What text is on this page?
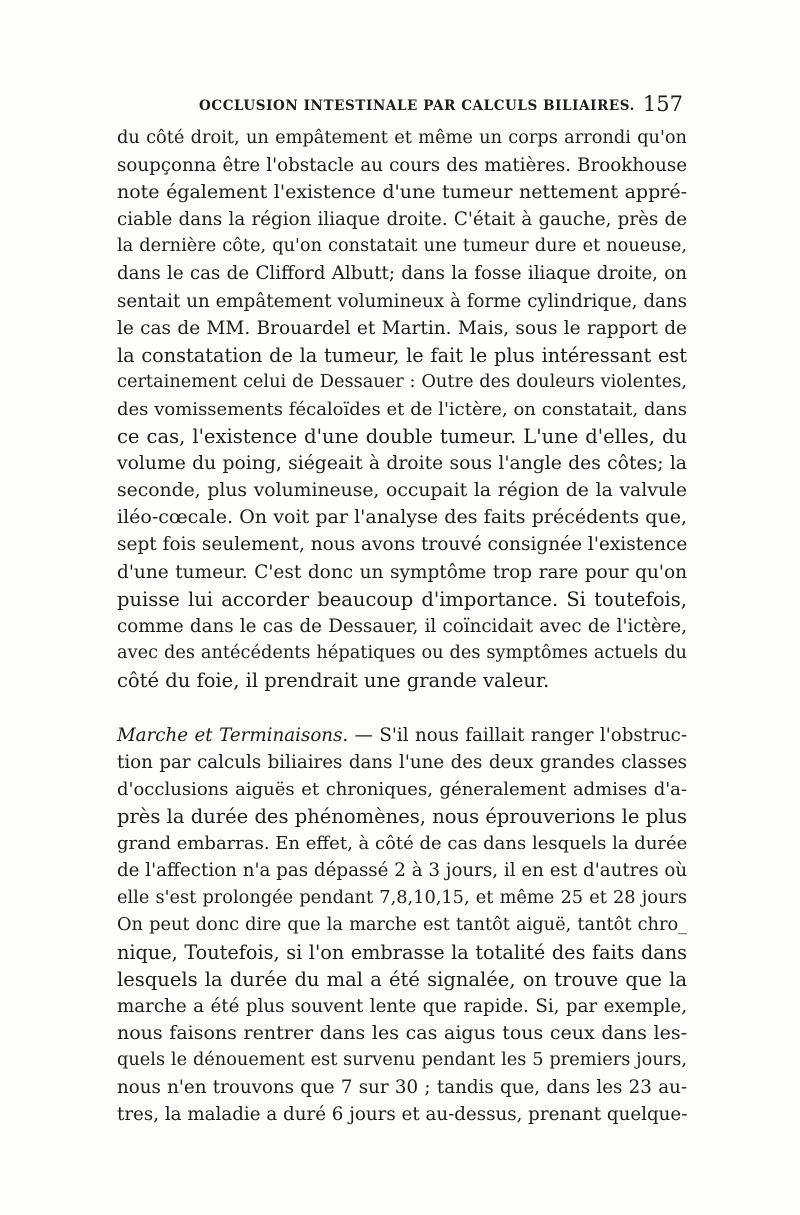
OCCLUSION INTESTINALE PAR CALCULS BILIAIRES. 157
du côté droit, un empâtement et même un corps arrondi qu'on
soupçonna être l'obstacle au cours des matières. Brookhouse
note également l'existence d'une tumeur nettement appré-
ciable dans la région iliaque droite. C'était à gauche, près de
la dernière côte, qu'on constatait une tumeur dure et noueuse,
dans le cas de Clifford Albutt; dans la fosse iliaque droite, on
sentait un empâtement volumineux à forme cylindrique, dans
le cas de MM. Brouardel et Martin. Mais, sous le rapport de
la constatation de la tumeur, le fait le plus intéressant est
certainement celui de Dessauer : Outre des douleurs violentes,
des vomissements fécaloïdes et de l'ictère, on constatait, dans
ce cas, l'existence d'une double tumeur. L'une d'elles, du
volume du poing, siégeait à droite sous l'angle des côtes; la
seconde, plus volumineuse, occupait la région de la valvule
iléo-cœcale. On voit par l'analyse des faits précédents que,
sept fois seulement, nous avons trouvé consignée l'existence
d'une tumeur. C'est donc un symptôme trop rare pour qu'on
puisse lui accorder beaucoup d'importance. Si toutefois,
comme dans le cas de Dessauer, il coïncidait avec de l'ictère,
avec des antécédents hépatiques ou des symptômes actuels du
côté du foie, il prendrait une grande valeur.
Marche et Terminaisons. — S'il nous faillait ranger l'obstruc-
tion par calculs biliaires dans l'une des deux grandes classes
d'occlusions aiguës et chroniques, géneralement admises d'a-
près la durée des phénomènes, nous éprouverions le plus
grand embarras. En effet, à côté de cas dans lesquels la durée
de l'affection n'a pas dépassé 2 à 3 jours, il en est d'autres où
elle s'est prolongée pendant 7,8,10,15, et même 25 et 28 jours
On peut donc dire que la marche est tantôt aiguë, tantôt chro_
nique, Toutefois, si l'on embrasse la totalité des faits dans
lesquels la durée du mal a été signalée, on trouve que la
marche a été plus souvent lente que rapide. Si, par exemple,
nous faisons rentrer dans les cas aigus tous ceux dans les-
quels le dénouement est survenu pendant les 5 premiers jours,
nous n'en trouvons que 7 sur 30 ; tandis que, dans les 23 au-
tres, la maladie a duré 6 jours et au-dessus, prenant quelque-
